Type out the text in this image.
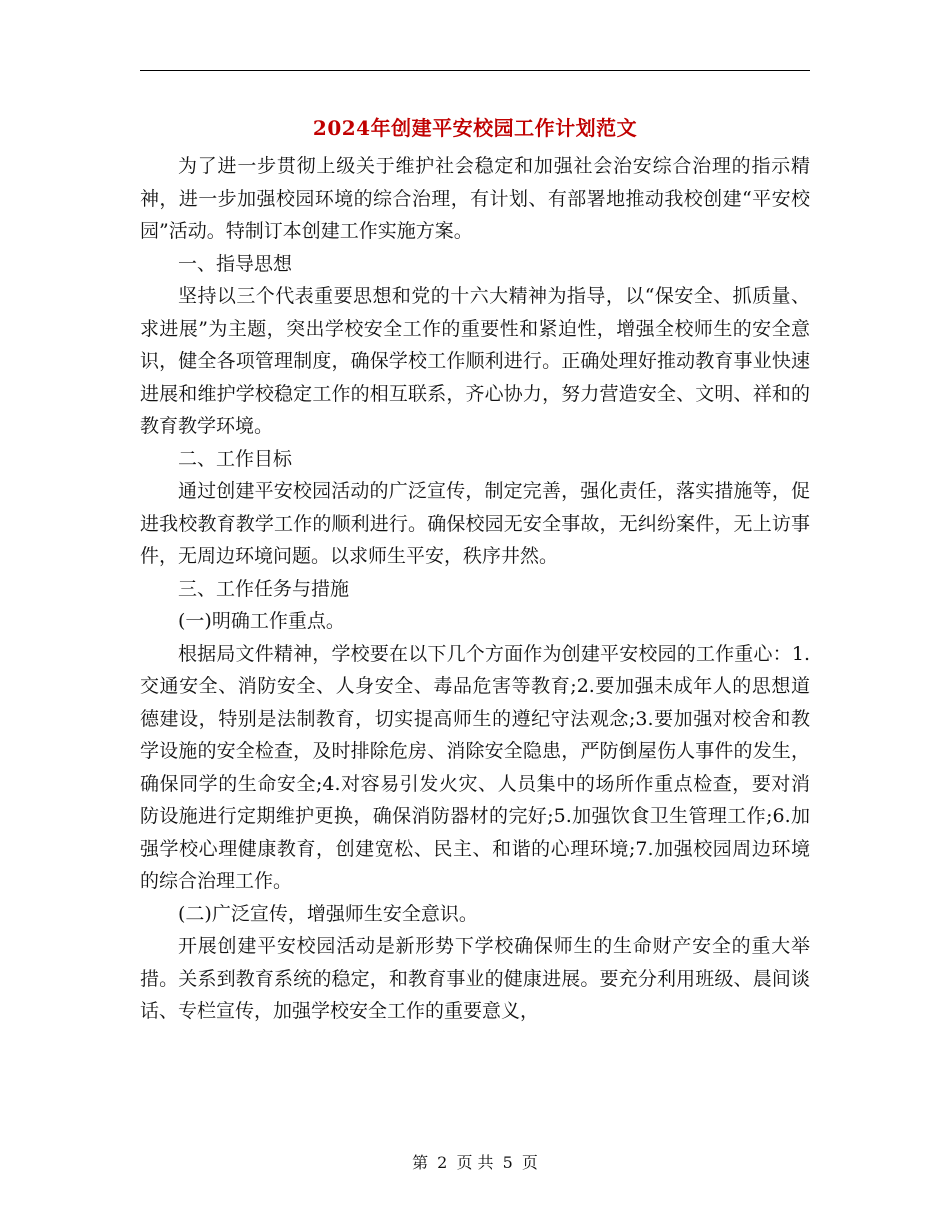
2024年创建平安校园工作计划范文

为了进一步贯彻上级关于维护社会稳定和加强社会治安综合治理的指示精神，进一步加强校园环境的综合治理，有计划、有部署地推动我校创建“平安校园”活动。特制订本创建工作实施方案。

一、指导思想

坚持以三个代表重要思想和党的十六大精神为指导，以“保安全、抓质量、求进展”为主题，突出学校安全工作的重要性和紧迫性，增强全校师生的安全意识，健全各项管理制度，确保学校工作顺利进行。正确处理好推动教育事业快速进展和维护学校稳定工作的相互联系，齐心协力，努力营造安全、文明、祥和的教育教学环境。

二、工作目标

通过创建平安校园活动的广泛宣传，制定完善，强化责任，落实措施等，促进我校教育教学工作的顺利进行。确保校园无安全事故，无纠纷案件，无上访事件，无周边环境问题。以求师生平安，秩序井然。

三、工作任务与措施

(一)明确工作重点。

根据局文件精神，学校要在以下几个方面作为创建平安校园的工作重心：1.交通安全、消防安全、人身安全、毒品危害等教育;2.要加强未成年人的思想道德建设，特别是法制教育，切实提高师生的遵纪守法观念;3.要加强对校舍和教学设施的安全检查，及时排除危房、消除安全隐患，严防倒屋伤人事件的发生，确保同学的生命安全;4.对容易引发火灾、人员集中的场所作重点检查，要对消防设施进行定期维护更换，确保消防器材的完好;5.加强饮食卫生管理工作;6.加强学校心理健康教育，创建宽松、民主、和谐的心理环境;7.加强校园周边环境的综合治理工作。

(二)广泛宣传，增强师生安全意识。

开展创建平安校园活动是新形势下学校确保师生的生命财产安全的重大举措。关系到教育系统的稳定，和教育事业的健康进展。要充分利用班级、晨间谈话、专栏宣传，加强学校安全工作的重要意义，

第 2 页 共 5 页
